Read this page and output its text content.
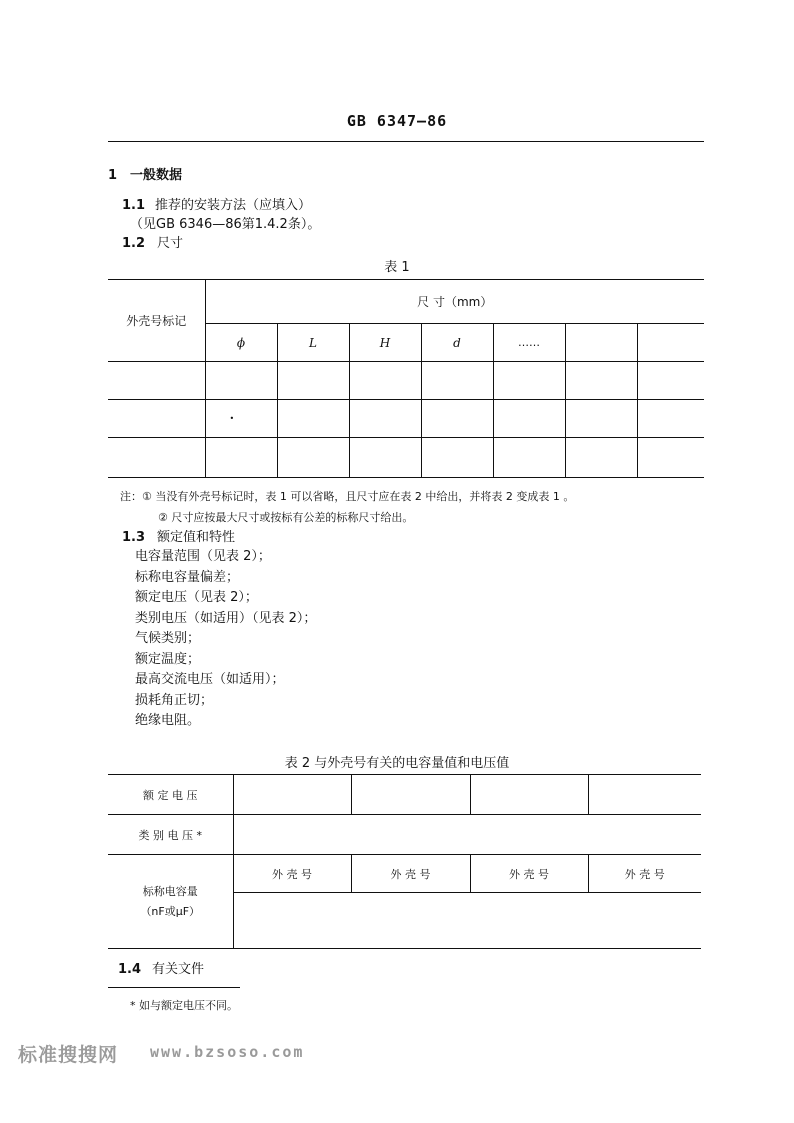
GB 6347—86
1 一般数据
1.1 推荐的安装方法（应填入）
（见GB 6346—86第1.4.2条）。
1.2 尺寸
表 1
外壳号标记	尺 寸（mm）						
	ϕ	L	H	d	……		

	•						

注：① 当没有外壳号标记时，表 1 可以省略，且尺寸应在表 2 中给出，并将表 2 变成表 1 。
② 尺寸应按最大尺寸或按标有公差的标称尺寸给出。
1.3 额定值和特性
电容量范围（见表 2）；
标称电容量偏差；
额定电压（见表 2）；
类别电压（如适用）（见表 2）；
气候类别；
额定温度；
最高交流电压（如适用）；
损耗角正切；
绝缘电阻。
表 2 与外壳号有关的电容量值和电压值
额 定 电 压				
类 别 电 压 *				

标称电容量
（nF或μF）	外 壳 号	外 壳 号	外 壳 号	外 壳 号

1.4 有关文件
* 如与额定电压不同。
标准搜搜网 www.bzsoso.com
